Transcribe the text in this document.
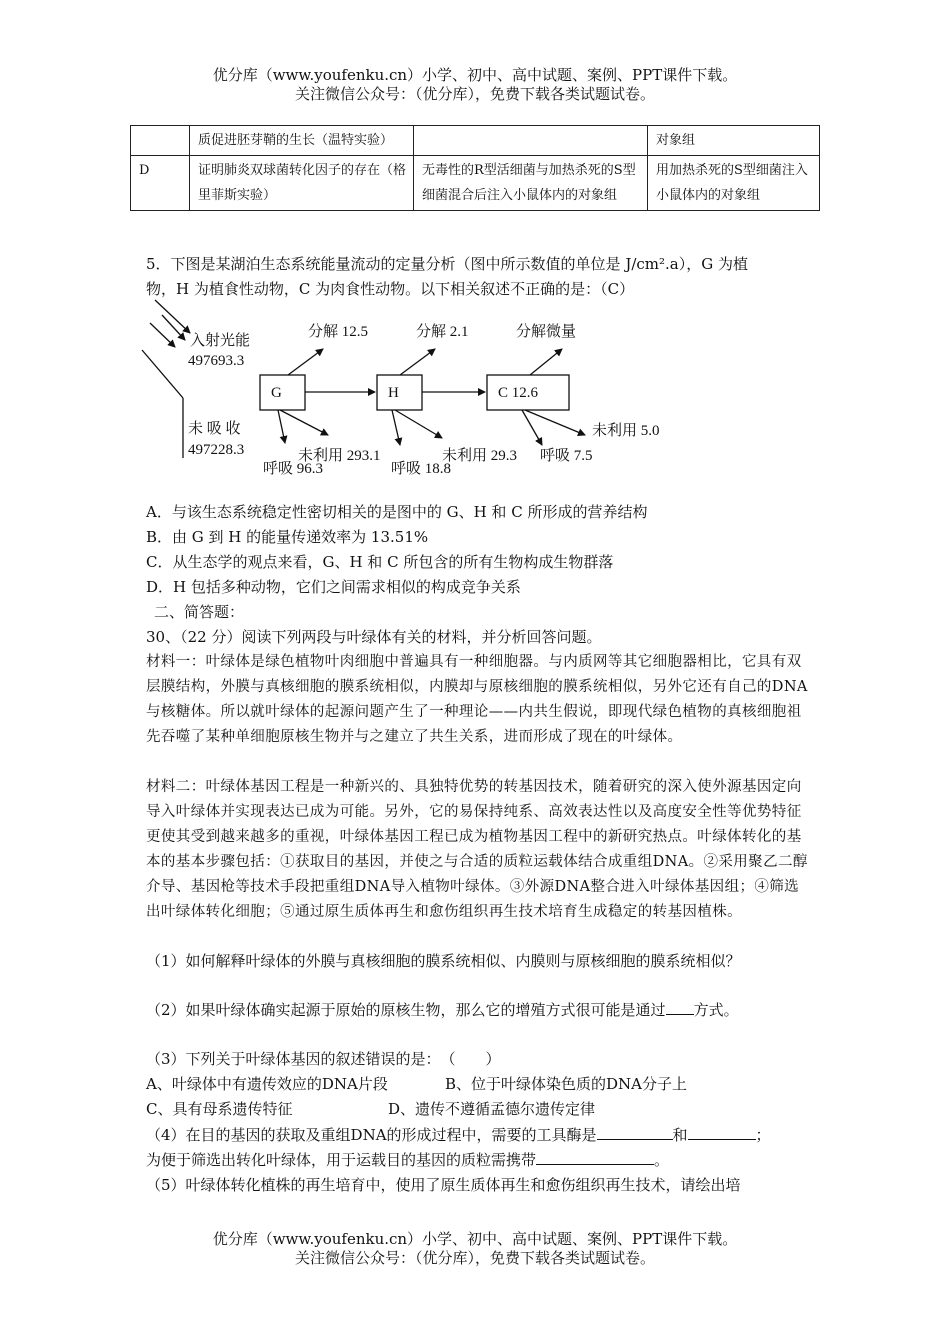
优分库（www.youfenku.cn）小学、初中、高中试题、案例、PPT课件下载。
关注微信公众号：（优分库），免费下载各类试题试卷。
	质促进胚芽鞘的生长（温特实验）		对象组
D	证明肺炎双球菌转化因子的存在（格里菲斯实验）	无毒性的R型活细菌与加热杀死的S型细菌混合后注入小鼠体内的对象组	用加热杀死的S型细菌注入小鼠体内的对象组
5．下图是某湖泊生态系统能量流动的定量分析（图中所示数值的单位是 J/cm².a），G 为植
物，H 为植食性动物，C 为肉食性动物。以下相关叙述不正确的是：（C）
入射光能
497693.3
未 吸 收
497228.3
G	H	C 12.6
分解 12.5	分解 2.1	分解微量
未利用 293.1	未利用 29.3
未利用 5.0
呼吸 96.3	呼吸 18.8
呼吸 7.5
A．与该生态系统稳定性密切相关的是图中的 G、H 和 C 所形成的营养结构
B．由 G 到 H 的能量传递效率为 13.51%
C．从生态学的观点来看，G、H 和 C 所包含的所有生物构成生物群落
D．H 包括多种动物，它们之间需求相似的构成竞争关系
二、简答题：
30、（22 分）阅读下列两段与叶绿体有关的材料，并分析回答问题。
材料一：叶绿体是绿色植物叶肉细胞中普遍具有一种细胞器。与内质网等其它细胞器相比，它具有双层膜结构，外膜与真核细胞的膜系统相似，内膜却与原核细胞的膜系统相似，另外它还有自己的DNA与核糖体。所以就叶绿体的起源问题产生了一种理论——内共生假说，即现代绿色植物的真核细胞祖先吞噬了某种单细胞原核生物并与之建立了共生关系，进而形成了现在的叶绿体。
材料二：叶绿体基因工程是一种新兴的、具独特优势的转基因技术，随着研究的深入使外源基因定向导入叶绿体并实现表达已成为可能。另外，它的易保持纯系、高效表达性以及高度安全性等优势特征更使其受到越来越多的重视，叶绿体基因工程已成为植物基因工程中的新研究热点。叶绿体转化的基本的基本步骤包括：①获取目的基因，并使之与合适的质粒运载体结合成重组DNA。②采用聚乙二醇介导、基因枪等技术手段把重组DNA导入植物叶绿体。③外源DNA整合进入叶绿体基因组；④筛选出叶绿体转化细胞；⑤通过原生质体再生和愈伤组织再生技术培育生成稳定的转基因植株。
（1）如何解释叶绿体的外膜与真核细胞的膜系统相似、内膜则与原核细胞的膜系统相似？
（2）如果叶绿体确实起源于原始的原核生物，那么它的增殖方式很可能是通过 方式。
（3）下列关于叶绿体基因的叙述错误的是：　（　　）
A、叶绿体中有遗传效应的DNA片段	B、位于叶绿体染色质的DNA分子上
C、具有母系遗传特征	D、遗传不遵循孟德尔遗传定律
（4）在目的基因的获取及重组DNA的形成过程中，需要的工具酶是	和	；
为便于筛选出转化叶绿体，用于运载目的基因的质粒需携带	。
（5）叶绿体转化植株的再生培育中，使用了原生质体再生和愈伤组织再生技术，请绘出培
优分库（www.youfenku.cn）小学、初中、高中试题、案例、PPT课件下载。
关注微信公众号：（优分库），免费下载各类试题试卷。
